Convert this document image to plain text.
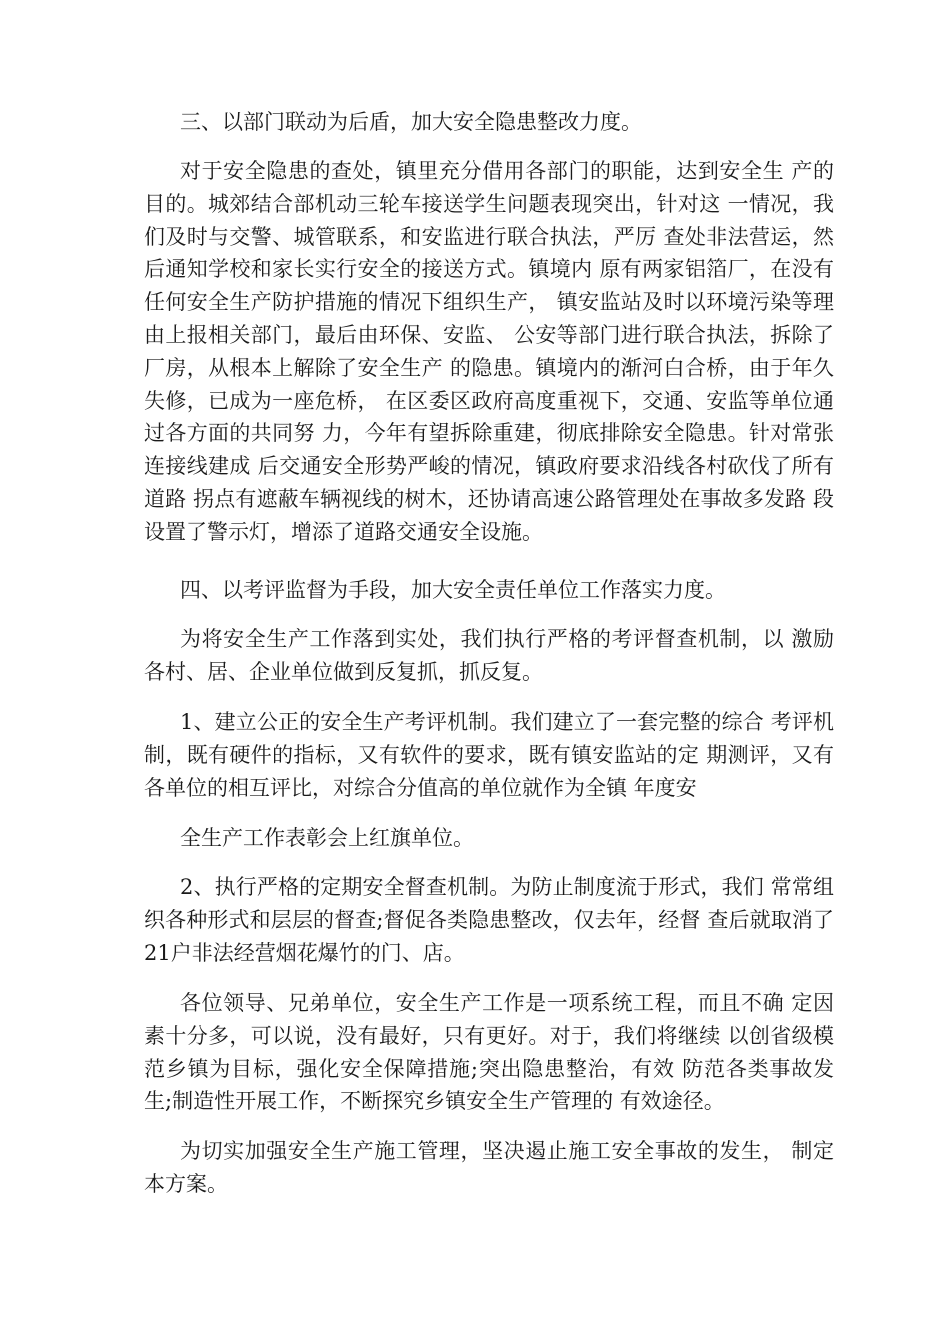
三、以部门联动为后盾，加大安全隐患整改力度。

对于安全隐患的查处，镇里充分借用各部门的职能，达到安全生 产的目的。城郊结合部机动三轮车接送学生问题表现突出，针对这 一情况，我们及时与交警、城管联系，和安监进行联合执法，严厉 查处非法营运，然后通知学校和家长实行安全的接送方式。镇境内 原有两家铝箔厂，在没有任何安全生产防护措施的情况下组织生产， 镇安监站及时以环境污染等理由上报相关部门，最后由环保、安监、 公安等部门进行联合执法，拆除了厂房，从根本上解除了安全生产 的隐患。镇境内的渐河白合桥，由于年久失修，已成为一座危桥， 在区委区政府高度重视下，交通、安监等单位通过各方面的共同努 力，今年有望拆除重建，彻底排除安全隐患。针对常张连接线建成 后交通安全形势严峻的情况，镇政府要求沿线各村砍伐了所有道路 拐点有遮蔽车辆视线的树木，还协请高速公路管理处在事故多发路 段设置了警示灯，增添了道路交通安全设施。

四、以考评监督为手段，加大安全责任单位工作落实力度。

为将安全生产工作落到实处，我们执行严格的考评督查机制，以 激励各村、居、企业单位做到反复抓，抓反复。

1、建立公正的安全生产考评机制。我们建立了一套完整的综合 考评机制，既有硬件的指标，又有软件的要求，既有镇安监站的定 期测评，又有各单位的相互评比，对综合分值高的单位就作为全镇 年度安

全生产工作表彰会上红旗单位。

2、执行严格的定期安全督查机制。为防止制度流于形式，我们 常常组织各种形式和层层的督查;督促各类隐患整改，仅去年，经督 查后就取消了 21户非法经营烟花爆竹的门、店。

各位领导、兄弟单位，安全生产工作是一项系统工程，而且不确 定因素十分多，可以说，没有最好，只有更好。对于，我们将继续 以创省级模范乡镇为目标，强化安全保障措施;突出隐患整治，有效 防范各类事故发生;制造性开展工作，不断探究乡镇安全生产管理的 有效途径。

为切实加强安全生产施工管理，坚决遏止施工安全事故的发生， 制定本方案。
